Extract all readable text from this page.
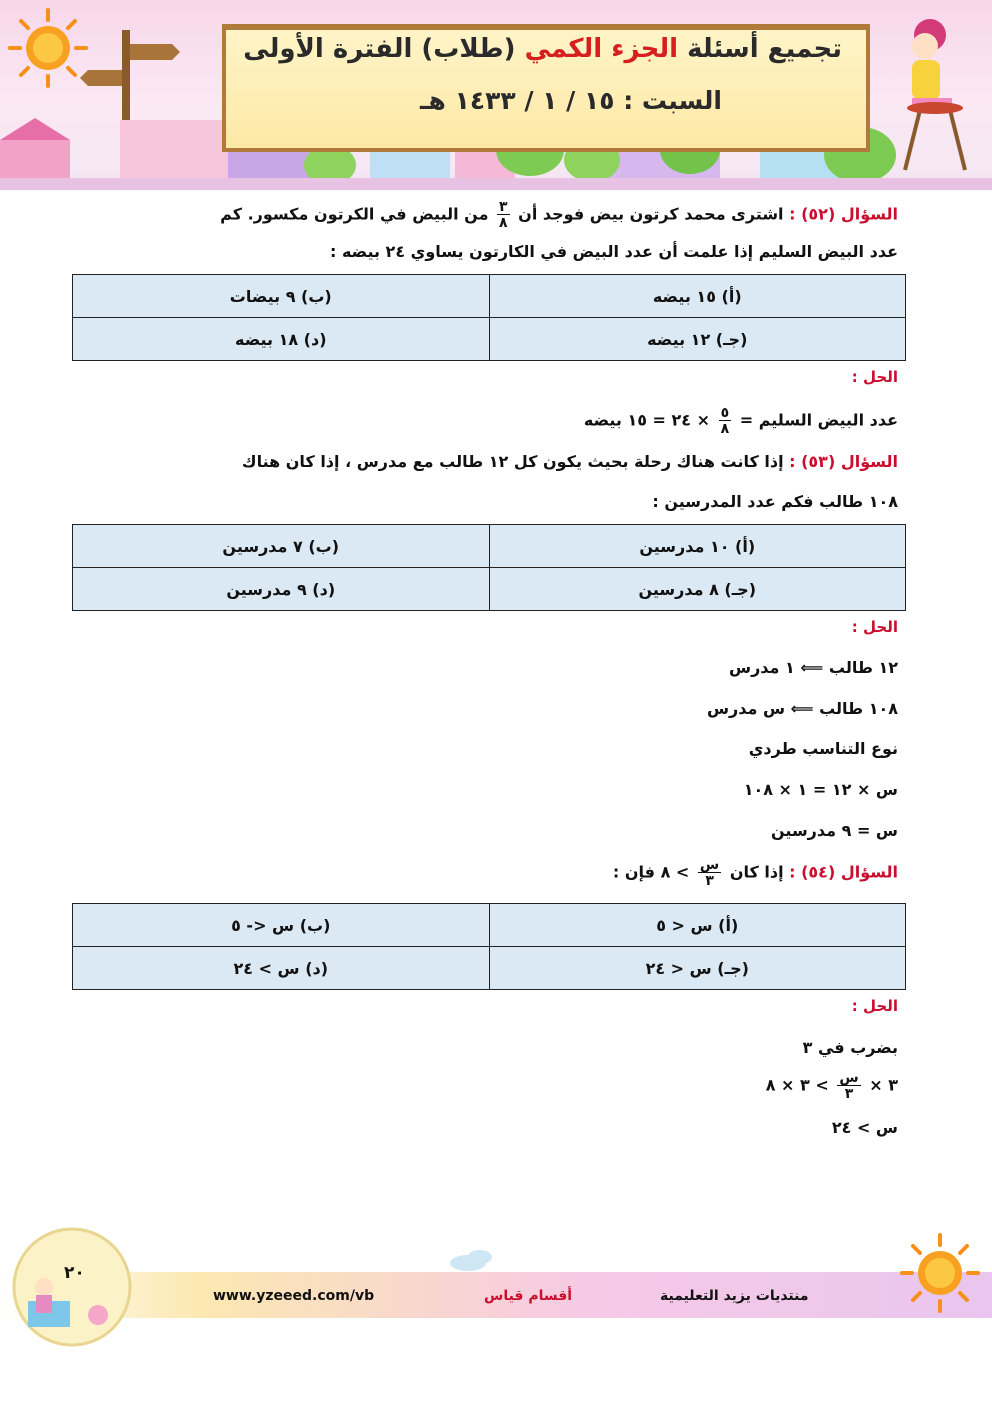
تجميع أسئلة الجزء الكمي (طلاب) الفترة الأولى
السبت : ١٥ / ١ / ١٤٣٣ هـ
السؤال (٥٢) : اشترى محمد كرتون بيض فوجد أن
$\frac{٣}{٨}$
من البيض في الكرتون مكسور. كم
عدد البيض السليم إذا علمت أن عدد البيض في الكارتون يساوي ٢٤ بيضه :
(أ) ١٥ بيضه	(ب) ٩ بيضات
(جـ) ١٢ بيضه	(د) ١٨ بيضه
الحل :
عدد البيض السليم =
$\frac{٥}{٨}$
× ٢٤ = ١٥ بيضه
السؤال (٥٣) : إذا كانت هناك رحلة بحيث يكون كل ١٢ طالب مع مدرس ، إذا كان هناك
١٠٨ طالب فكم عدد المدرسين :
(أ) ١٠ مدرسين	(ب) ٧ مدرسين
(جـ) ٨ مدرسين	(د) ٩ مدرسين
الحل :
١٢ طالب ⟸ ١ مدرس
١٠٨ طالب ⟸ س مدرس
نوع التناسب طردي
س × ١٢ = ١ × ١٠٨
س = ٩ مدرسين
السؤال (٥٤) : إذا كان
$\frac{\text{س}}{٣}$
> ٨ فإن :
(أ) س < ٥	(ب) س <- ٥
(جـ) س < ٢٤	(د) س > ٢٤
الحل :
بضرب في ٣
٣ ×
$\frac{\text{س}}{٣}$
> ٣ × ٨
س > ٢٤
٢٠
www.yzeeed.com/vb	أقسام قياس	منتديات يزيد التعليمية
